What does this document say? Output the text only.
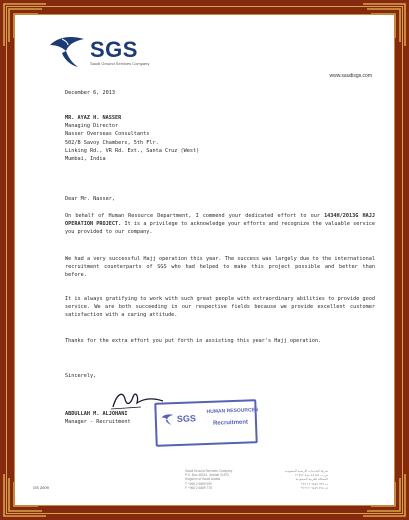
SGS
Saudi Ground Services Company
www.saudisgs.com
December 6, 2013
MR. AYAZ H. NASSER
Managing Director
Nasser Overseas Consultants
502/B Savoy Chambers, 5th Flr.
Linking Rd., VR Rd. Ext., Santa Cruz (West)
Mumbai, India
Dear Mr. Nasser,
On behalf of Human Resource Department, I commend your dedicated effort to our 1434H/2013G HAJJ OPERATION PROJECT. It is a privilege to acknowledge your efforts and recognize the valuable service you provided to our company.
We had a very successful Hajj operation this year. The success was largely due to the international recruitment counterparts of SGS who had helped to make this project possible and better than before.
It is always gratifying to work with such great people with extraordinary abilities to provide good service. We are both succeeding in our respective fields because we provide excellent customer satisfaction with a caring attitude.
Thanks for the extra effort you put forth in assisting this year's Hajj operation.
Sincerely,
SGS
HUMAN RESOURCES
Recruitment
ABDULLAH M. ALJOHANI
Manager - Recruitment
Saudi Ground Services Company
P.O. Box 48154, Jeddah 21572
Kingdom of Saudi Arabia
T +966 2 6889 999
F +966 2 6889 778
شركة الخدمات الأرضية السعودية
ص.ب ٤٨١٥٤ جدة ٢١٥٧٢
المملكة العربية السعودية
ت ٩٩٩ ٦٨٨٩ ٢ ٩٦٦+
ف ٧٧٨ ٦٨٨٩ ٢ ٩٦٦+
GS 2009
